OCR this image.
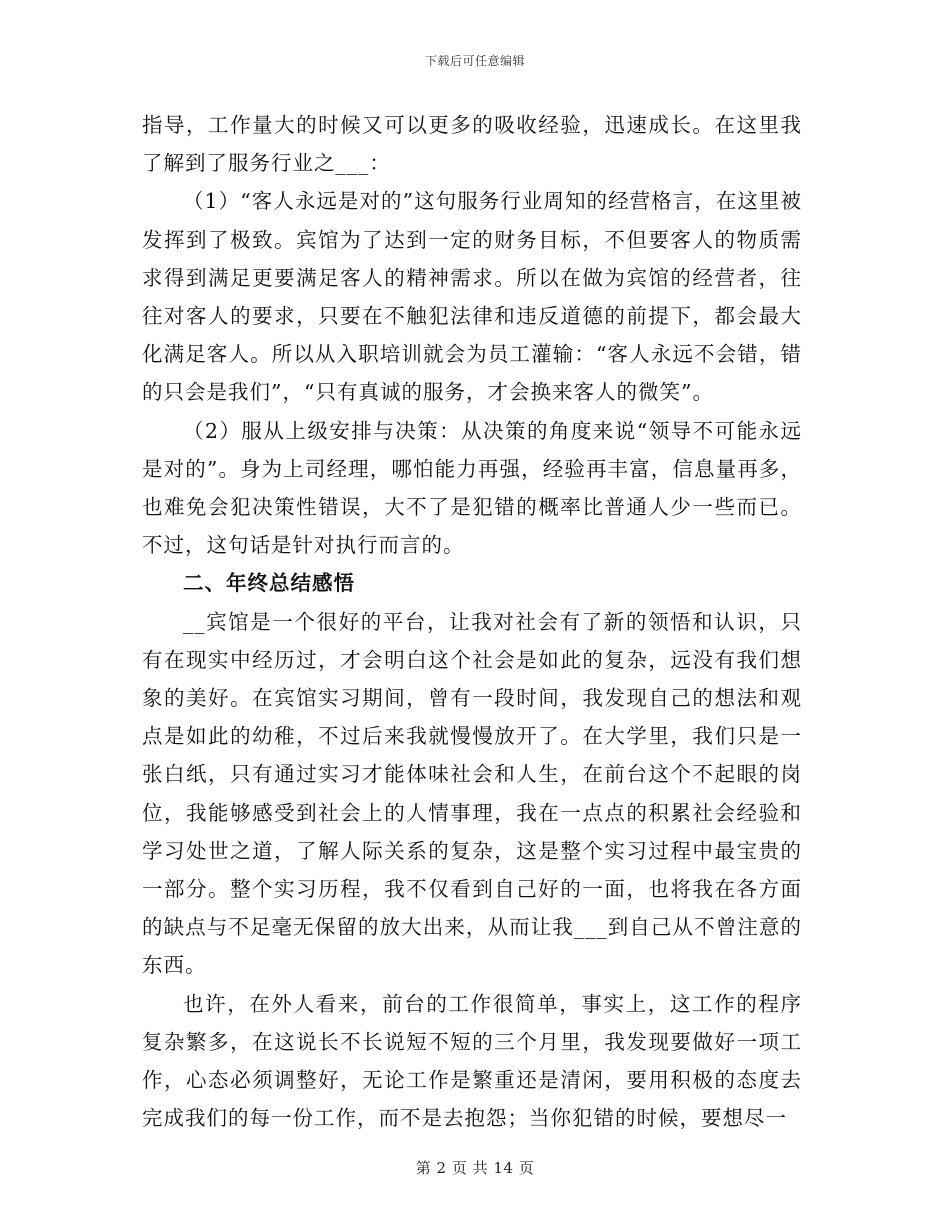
下载后可任意编辑

指导，工作量大的时候又可以更多的吸收经验，迅速成长。在这里我了解到了服务行业之___：

（1）“客人永远是对的”这句服务行业周知的经营格言，在这里被发挥到了极致。宾馆为了达到一定的财务目标，不但要客人的物质需求得到满足更要满足客人的精神需求。所以在做为宾馆的经营者，往往对客人的要求，只要在不触犯法律和违反道德的前提下，都会最大化满足客人。所以从入职培训就会为员工灌输：“客人永远不会错，错的只会是我们”，“只有真诚的服务，才会换来客人的微笑”。

（2）服从上级安排与决策：从决策的角度来说“领导不可能永远是对的”。身为上司经理，哪怕能力再强，经验再丰富，信息量再多，也难免会犯决策性错误，大不了是犯错的概率比普通人少一些而已。不过，这句话是针对执行而言的。

二、年终总结感悟

__宾馆是一个很好的平台，让我对社会有了新的领悟和认识，只有在现实中经历过，才会明白这个社会是如此的复杂，远没有我们想象的美好。在宾馆实习期间，曾有一段时间，我发现自己的想法和观点是如此的幼稚，不过后来我就慢慢放开了。在大学里，我们只是一张白纸，只有通过实习才能体味社会和人生，在前台这个不起眼的岗位，我能够感受到社会上的人情事理，我在一点点的积累社会经验和学习处世之道，了解人际关系的复杂，这是整个实习过程中最宝贵的一部分。整个实习历程，我不仅看到自己好的一面，也将我在各方面的缺点与不足毫无保留的放大出来，从而让我___到自己从不曾注意的东西。

也许，在外人看来，前台的工作很简单，事实上，这工作的程序复杂繁多，在这说长不长说短不短的三个月里，我发现要做好一项工作，心态必须调整好，无论工作是繁重还是清闲，要用积极的态度去完成我们的每一份工作，而不是去抱怨；当你犯错的时候，要想尽一

第 2 页 共 14 页
